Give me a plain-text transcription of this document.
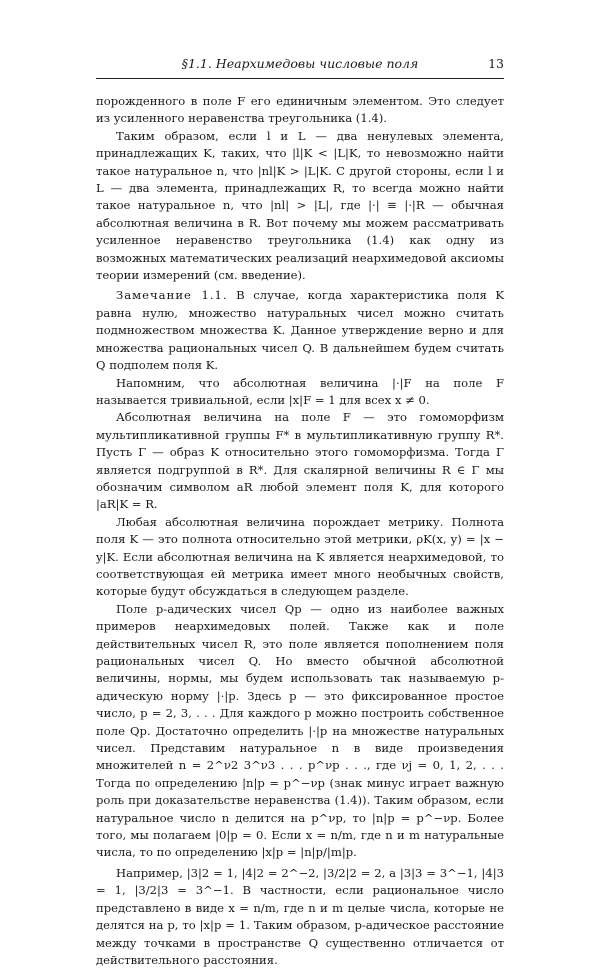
§1.1. Неархимедовы числовые поля	13

порожденного в поле F его единичным элементом. Это следует из усиленного неравенства треугольника (1.4).

Таким образом, если l и L — два ненулевых элемента, принадлежащих K, таких, что |l|K < |L|K, то невозможно найти такое натуральное n, что |nl|K > |L|K. С другой стороны, если l и L — два элемента, принадлежащих R, то всегда можно найти такое натуральное n, что |nl| > |L|, где |·| ≡ |·|R — обычная абсолютная величина в R. Вот почему мы можем рассматривать усиленное неравенство треугольника (1.4) как одну из возможных математических реализаций неархимедовой аксиомы теории измерений (см. введение).

Замечание 1.1. В случае, когда характеристика поля K равна нулю, множество натуральных чисел можно считать подмножеством множества K. Данное утверждение верно и для множества рациональных чисел Q. В дальнейшем будем считать Q подполем поля K.

Напомним, что абсолютная величина |·|F на поле F называется тривиальной, если |x|F = 1 для всех x ≠ 0.

Абсолютная величина на поле F — это гомоморфизм мультипликативной группы F* в мультипликативную группу R*. Пусть Γ — образ K относительно этого гомоморфизма. Тогда Γ является подгруппой в R*. Для скалярной величины R ∈ Γ мы обозначим символом aR любой элемент поля K, для которого |aR|K = R.

Любая абсолютная величина порождает метрику. Полнота поля K — это полнота относительно этой метрики, ρK(x, y) = |x − y|K. Если абсолютная величина на K является неархимедовой, то соответствующая ей метрика имеет много необычных свойств, которые будут обсуждаться в следующем разделе.

Поле p-адических чисел Qp — одно из наиболее важных примеров неархимедовых полей. Также как и поле действительных чисел R, это поле является пополнением поля рациональных чисел Q. Но вместо обычной абсолютной величины, нормы, мы будем использовать так называемую p-адическую норму |·|p. Здесь p — это фиксированное простое число, p = 2, 3, . . . Для каждого p можно построить собственное поле Qp. Достаточно определить |·|p на множестве натуральных чисел. Представим натуральное n в виде произведения множителей n = 2^ν2 3^ν3 . . . p^νp . . ., где νj = 0, 1, 2, . . . Тогда по определению |n|p = p^−νp (знак минус играет важную роль при доказательстве неравенства (1.4)). Таким образом, если натуральное число n делится на p^νp, то |n|p = p^−νp. Более того, мы полагаем |0|p = 0. Если x = n/m, где n и m натуральные числа, то по определению |x|p = |n|p/|m|p.

Например, |3|2 = 1, |4|2 = 2^−2, |3/2|2 = 2, а |3|3 = 3^−1, |4|3 = 1, |3/2|3 = 3^−1. В частности, если рациональное число представлено в виде x = n/m, где n и m целые числа, которые не делятся на p, то |x|p = 1. Таким образом, p-адическое расстояние между точками в пространстве Q существенно отличается от действительного расстояния.
